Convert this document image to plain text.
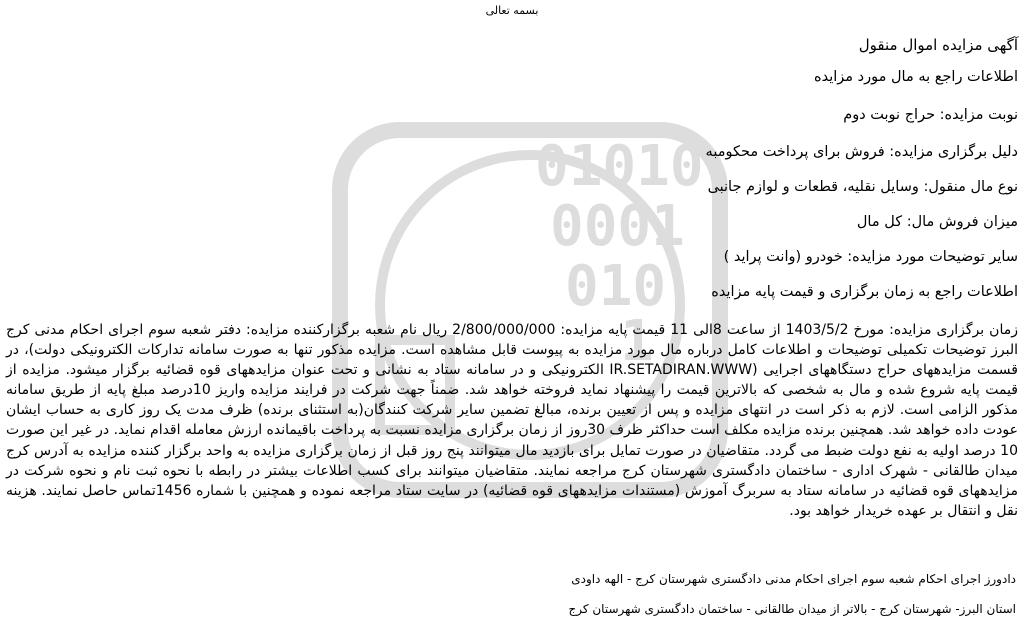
01010
0001
010
1
بسمه تعالی
آگهی مزایده اموال منقول
اطلاعات راجع به مال مورد مزایده
نوبت مزایده: حراج نوبت دوم
دلیل برگزاری مزایده: فروش برای پرداخت محکومبه
نوع مال منقول: وسایل نقلیه، قطعات و لوازم جانبی
میزان فروش مال: کل مال
سایر توضیحات مورد مزایده: خودرو (وانت پراید )
اطلاعات راجع به زمان برگزاری و قیمت پایه مزایده
زمان برگزاری مزایده: مورخ 1403/5/2 از ساعت 8الی 11 قیمت پایه مزایده: 2/800/000/000 ریال نام شعبه برگزارکننده مزایده: دفتر شعبه سوم اجرای احکام مدنی کرج البرز توضیحات تکمیلی توضیحات و اطلاعات کامل درباره مال مورد مزایده به پیوست قابل مشاهده است. مزایده مذکور تنها به صورت سامانه تدارکات الکترونیکی دولت)، در قسمت مزایدههای حراج دستگاههای اجرایی (IR.SETADIRAN.WWW الکترونیکی و در سامانه ستاد به نشانی و تحت عنوان مزایدههای قوه قضائیه برگزار میشود. مزایده از قیمت پایه شروع شده و مال به شخصی که بالاترین قیمت را پیشنهاد نماید فروخته خواهد شد. ضمناً جهت شرکت در فرایند مزایده واریز 10درصد مبلغ پایه از طریق سامانه مذکور الزامی است. لازم به ذکر است در انتهای مزایده و پس از تعیین برنده، مبالغ تضمین سایر شرکت کنندگان(به استثنای برنده) ظرف مدت یک روز کاری به حساب ایشان عودت داده خواهد شد. همچنین برنده مزایده مکلف است حداکثر ظرف 30روز از زمان برگزاری مزایده نسبت به پرداخت باقیمانده ارزش معامله اقدام نماید. در غیر این صورت 10 درصد اولیه به نفع دولت ضبط می گردد. متقاضیان در صورت تمایل برای بازدید مال میتوانند پنج روز قبل از زمان برگزاری مزایده به واحد برگزار کننده مزایده به آدرس کرج میدان طالقانی - شهرک اداری - ساختمان دادگستری شهرستان کرج مراجعه نمایند. متقاضیان میتوانند برای کسب اطلاعات بیشتر در رابطه با نحوه ثبت نام و نحوه شرکت در مزایدههای قوه قضائیه در سامانه ستاد به سربرگ آموزش (مستندات مزایدههای قوه قضائیه) در سایت ستاد مراجعه نموده و همچنین با شماره 1456تماس حاصل نمایند. هزینه نقل و انتقال بر عهده خریدار خواهد بود.
دادورز اجرای احکام شعبه سوم اجرای احکام مدنی دادگستری شهرستان کرج - الهه داودی
استان البرز- شهرستان کرج - بالاتر از میدان طالقانی - ساختمان دادگستری شهرستان کرج
